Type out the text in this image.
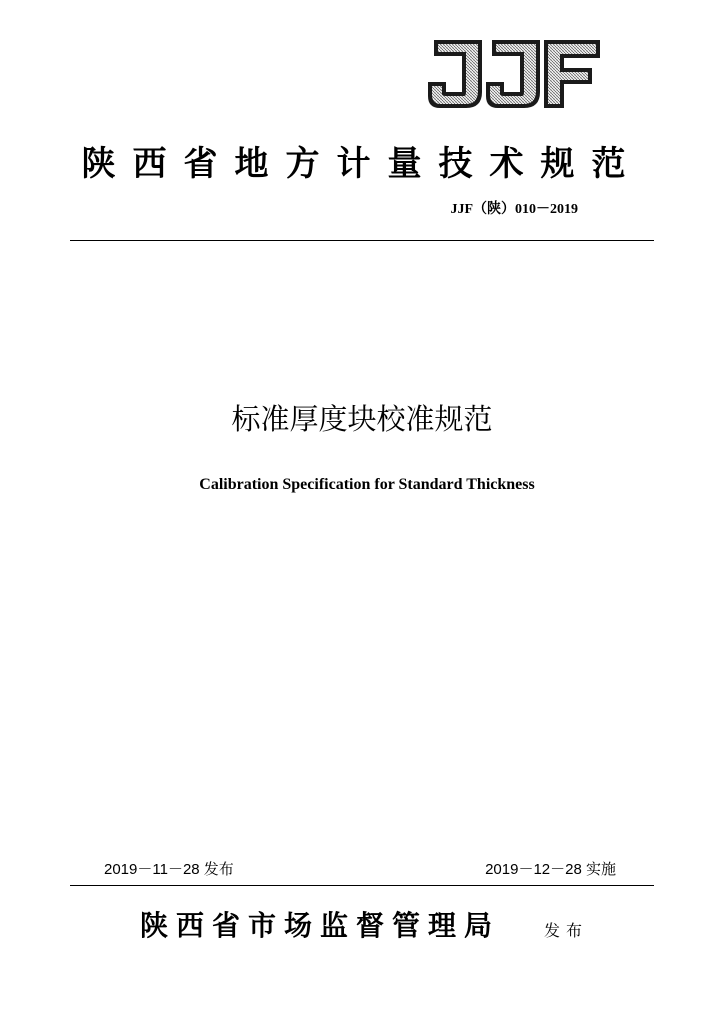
陕西省地方计量技术规范
JJF（陕）010－2019
标准厚度块校准规范
Calibration Specification for Standard Thickness
2019－11－28 发布	2019－12－28 实施
陕西省市场监督管理局	发布
